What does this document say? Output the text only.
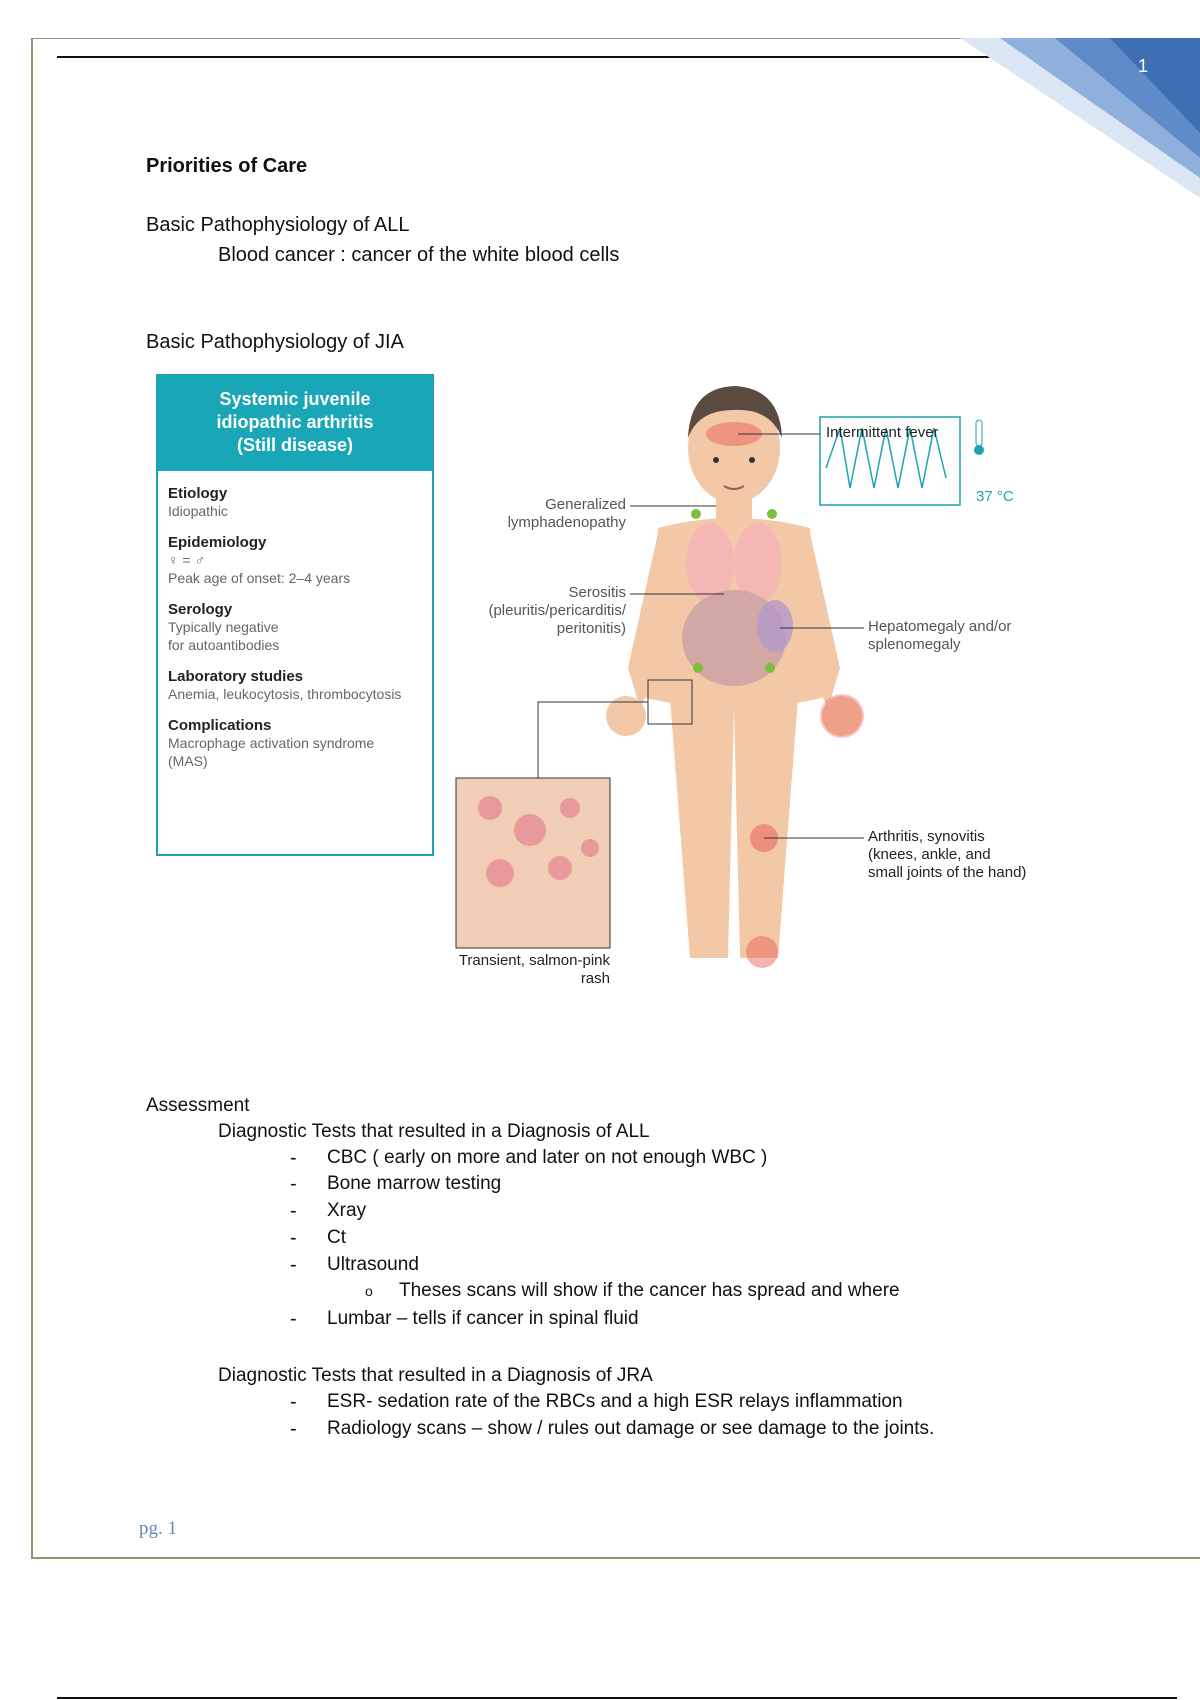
1
Priorities of Care
Basic Pathophysiology of ALL
Blood cancer : cancer of the white blood cells
Basic Pathophysiology of JIA
Systemic juvenile
idiopathic arthritis
(Still disease)
Etiology
Idiopathic
Epidemiology
♀ = ♂
Peak age of onset: 2–4 years
Serology
Typically negative
for autoantibodies
Laboratory studies
Anemia, leukocytosis, thrombocytosis
Complications
Macrophage activation syndrome
(MAS)
Intermittent fever
37 °C
Generalized
lymphadenopathy
Serositis
(pleuritis/pericarditis/
peritonitis)	Hepatomegaly and/or
splenomegaly
Arthritis, synovitis
(knees, ankle, and
small joints of the hand)
Transient, salmon-pink
rash
Assessment
Diagnostic Tests that resulted in a Diagnosis of ALL
- CBC ( early on more and later on not enough WBC )
- Bone marrow testing
- Xray
- Ct
- Ultrasound
o Theses scans will show if the cancer has spread and where
- Lumbar – tells if cancer in spinal fluid
Diagnostic Tests that resulted in a Diagnosis of JRA
- ESR- sedation rate of the RBCs and a high ESR relays inflammation
- Radiology scans – show / rules out damage or see damage to the joints.
pg. 1
